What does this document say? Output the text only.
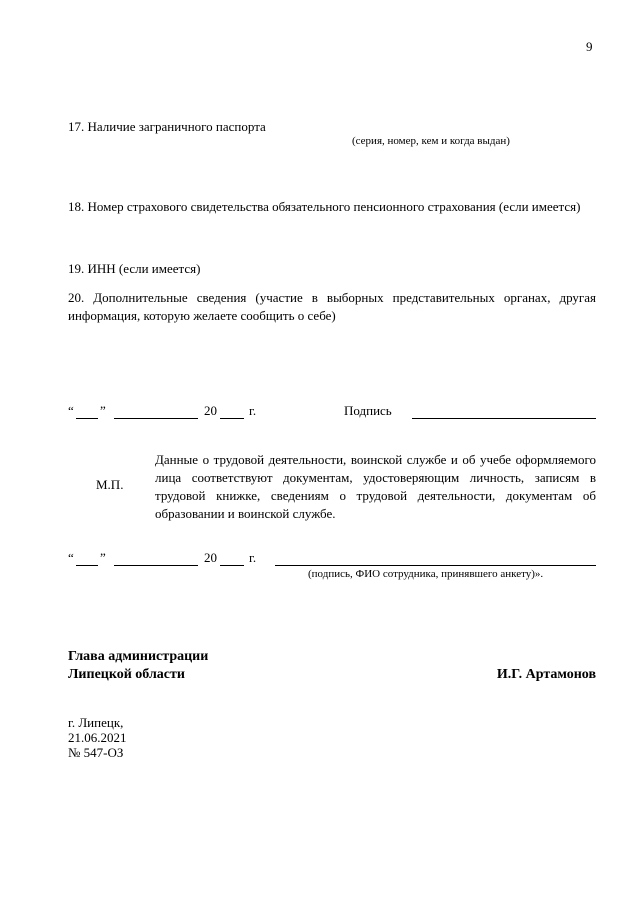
9
17. Наличие заграничного паспорта
(серия, номер, кем и когда выдан)
18. Номер страхового свидетельства обязательного пенсионного страхования (если имеется)
19. ИНН (если имеется)
20. Дополнительные сведения (участие в выборных представительных органах, другая информация, которую желаете сообщить о себе)
“ ”	20 г.	Подпись
М.П.
Данные о трудовой деятельности, воинской службе и об учебе оформляемого лица соответствуют документам, удостоверяющим личность, записям в трудовой книжке, сведениям о трудовой деятельности, документам об образовании и воинской службе.
“ ”	20 г.
(подпись, ФИО сотрудника, принявшего анкету)».
Глава администрации
Липецкой области	И.Г. Артамонов
г. Липецк,
21.06.2021
№ 547-ОЗ
